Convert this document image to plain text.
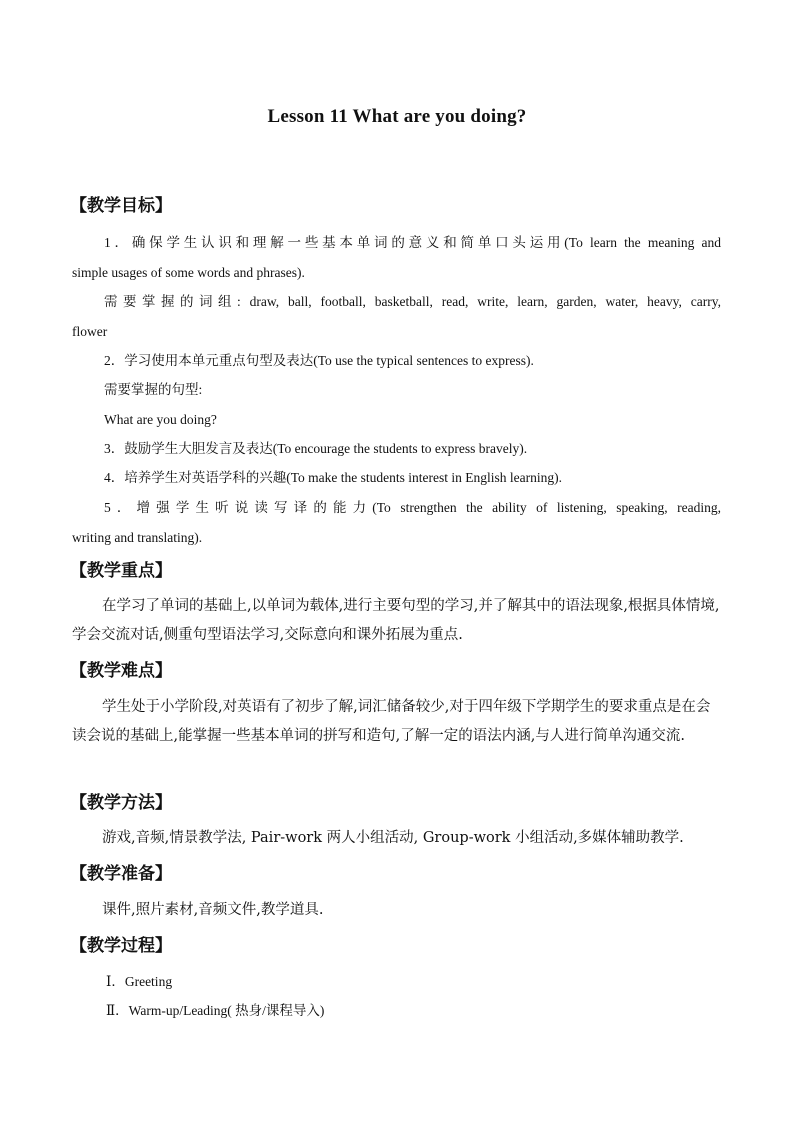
Lesson 11 What are you doing?
【教学目标】
1．确保学生认识和理解一些基本单词的意义和简单口头运用(To learn the meaning and
simple usages of some words and phrases).
需要掌握的词组: draw, ball, football, basketball, read, write, learn, garden, water, heavy, carry,
flower
2．学习使用本单元重点句型及表达(To use the typical sentences to express).
需要掌握的句型:
What are you doing?
3．鼓励学生大胆发言及表达(To encourage the students to express bravely).
4．培养学生对英语学科的兴趣(To make the students interest in English learning).
5．增强学生听说读写译的能力(To strengthen the ability of listening, speaking, reading,
writing and translating).
【教学重点】
在学习了单词的基础上,以单词为载体,进行主要句型的学习,并了解其中的语法现象,根据具体情境,学会交流对话,侧重句型语法学习,交际意向和课外拓展为重点.
【教学难点】
学生处于小学阶段,对英语有了初步了解,词汇储备较少,对于四年级下学期学生的要求重点是在会读会说的基础上,能掌握一些基本单词的拼写和造句,了解一定的语法内涵,与人进行简单沟通交流.
【教学方法】
游戏,音频,情景教学法, Pair-work 两人小组活动, Group-work 小组活动,多媒体辅助教学.
【教学准备】
课件,照片素材,音频文件,教学道具.
【教学过程】
Ⅰ．Greeting
Ⅱ．Warm-up/Leading( 热身/课程导入)
